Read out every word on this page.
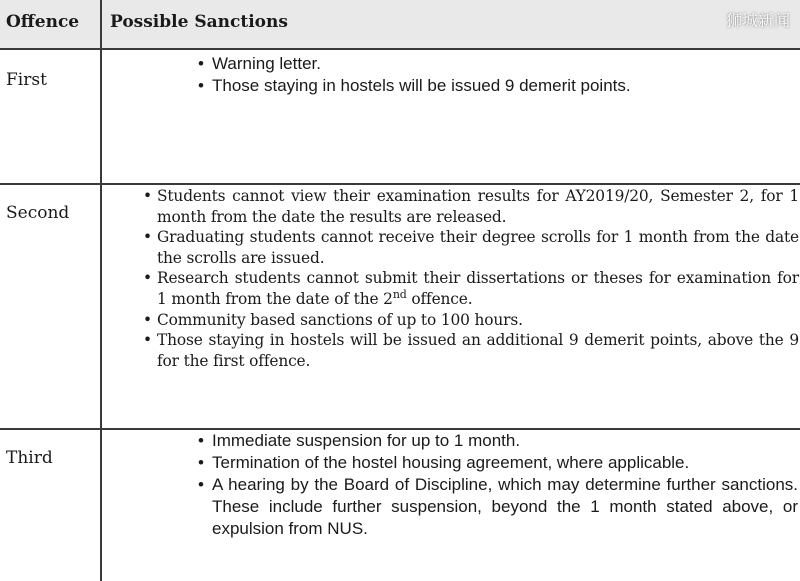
Offence Possible Sanctions	狮城新闻
First
• Warning letter.
• Those staying in hostels will be issued 9 demerit points.
Second
• Students cannot view their examination results for AY2019/20, Semester 2, for 1 month from the date the results are released.
• Graduating students cannot receive their degree scrolls for 1 month from the date the scrolls are issued.
• Research students cannot submit their dissertations or theses for examination for 1 month from the date of the 2nd offence.
• Community based sanctions of up to 100 hours.
• Those staying in hostels will be issued an additional 9 demerit points, above the 9 for the first offence.
Third
• Immediate suspension for up to 1 month.
• Termination of the hostel housing agreement, where applicable.
• A hearing by the Board of Discipline, which may determine further sanctions. These include further suspension, beyond the 1 month stated above, or expulsion from NUS.
